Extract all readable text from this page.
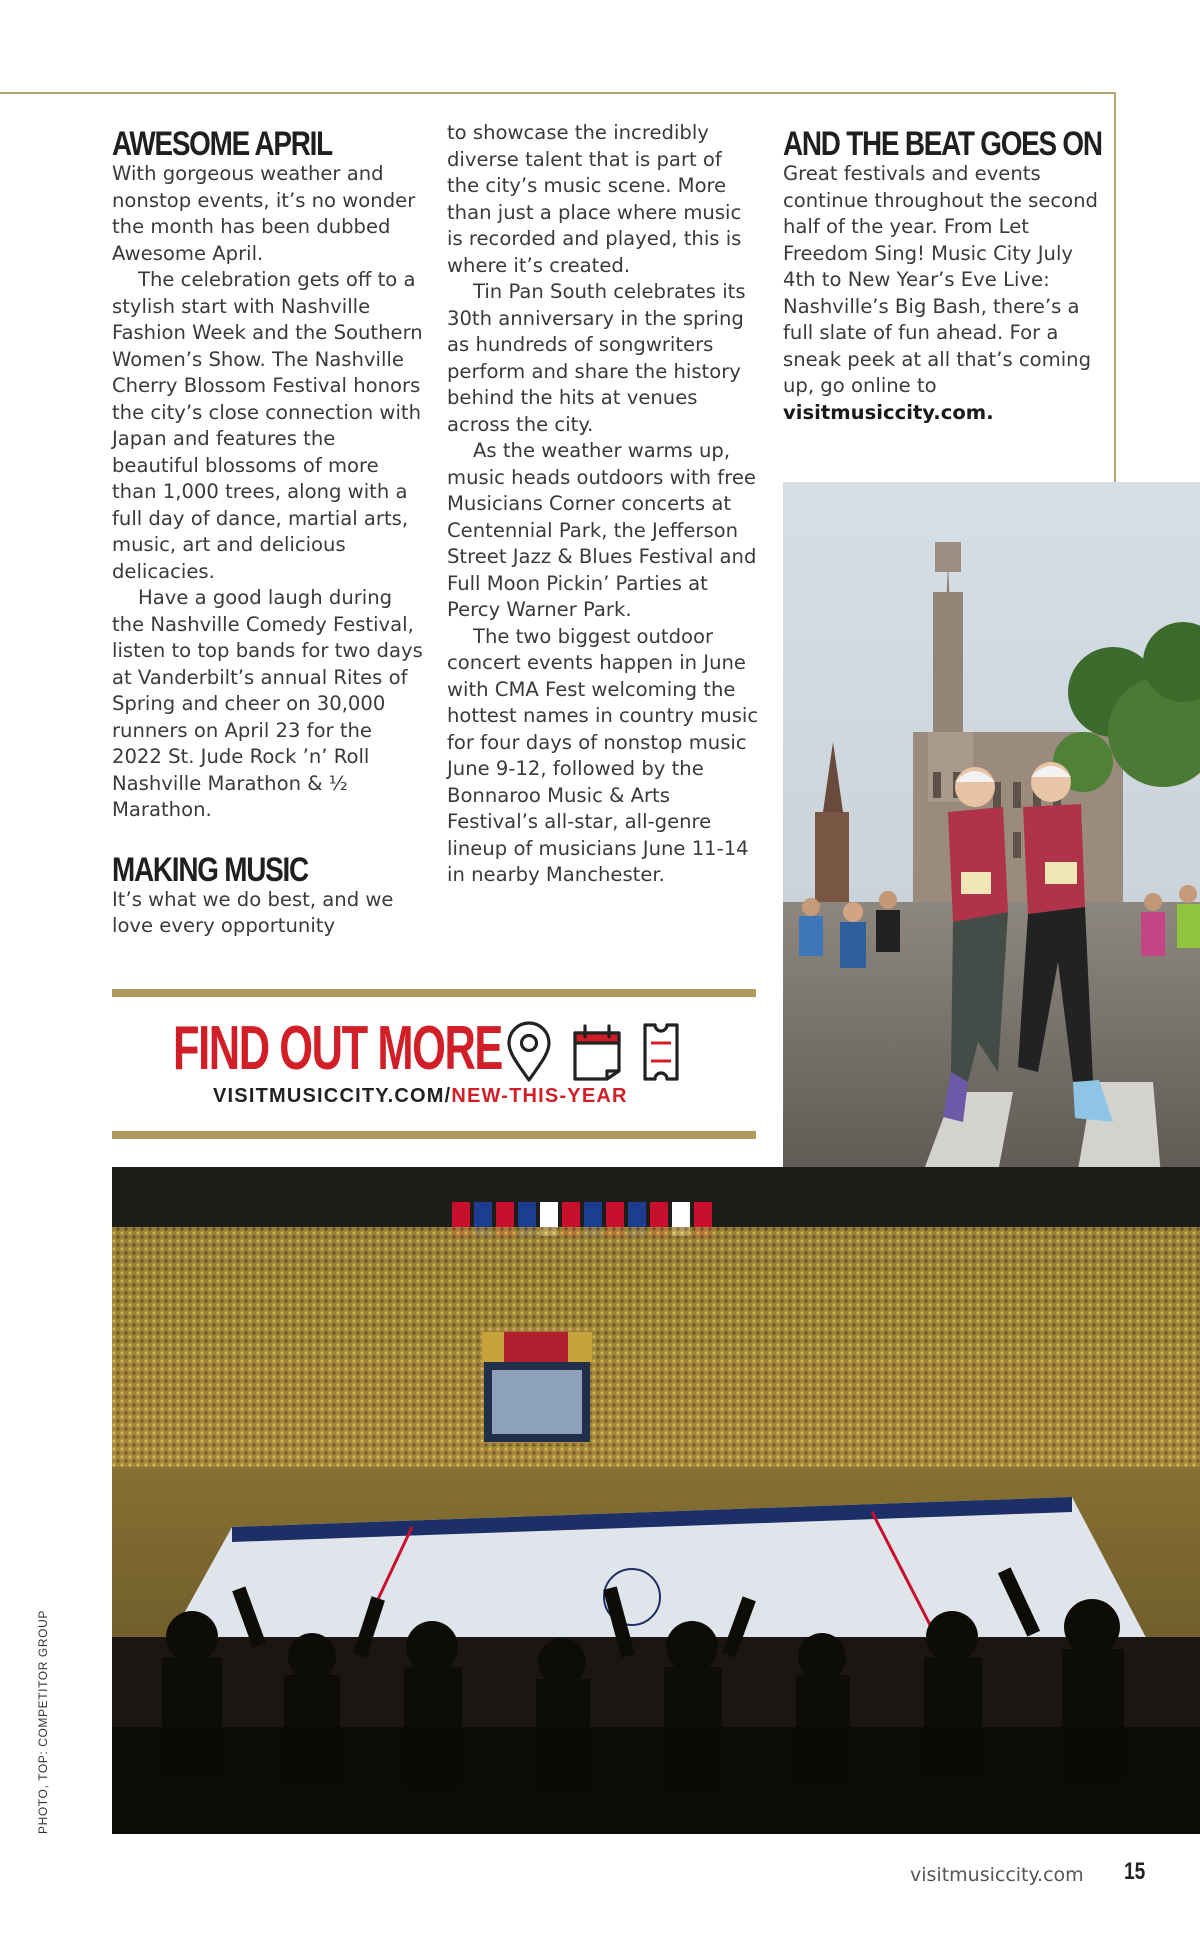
AWESOME APRIL

With gorgeous weather and nonstop events, it’s no wonder the month has been dubbed Awesome April.

The celebration gets off to a stylish start with Nashville Fashion Week and the Southern Women’s Show. The Nashville Cherry Blossom Festival honors the city’s close connection with Japan and features the beautiful blossoms of more than 1,000 trees, along with a full day of dance, martial arts, music, art and delicious delicacies.

Have a good laugh during the Nashville Comedy Festival, listen to top bands for two days at Vanderbilt’s annual Rites of Spring and cheer on 30,000 runners on April 23 for the 2022 St. Jude Rock ’n’ Roll Nashville Marathon & ½ Marathon.

MAKING MUSIC

It’s what we do best, and we love every opportunity

to showcase the incredibly diverse talent that is part of the city’s music scene. More than just a place where music is recorded and played, this is where it’s created.

Tin Pan South celebrates its 30th anniversary in the spring as hundreds of songwriters perform and share the history behind the hits at venues across the city.

As the weather warms up, music heads outdoors with free Musicians Corner concerts at Centennial Park, the Jefferson Street Jazz & Blues Festival and Full Moon Pickin’ Parties at Percy Warner Park.

The two biggest outdoor concert events happen in June with CMA Fest welcoming the hottest names in country music for four days of nonstop music June 9-12, followed by the Bonnaroo Music & Arts Festival’s all-star, all-genre lineup of musicians June 11-14 in nearby Manchester.

AND THE BEAT GOES ON

Great festivals and events continue throughout the second half of the year. From Let Freedom Sing! Music City July 4th to New Year’s Eve Live: Nashville’s Big Bash, there’s a full slate of fun ahead. For a sneak peek at all that’s coming up, go online to visitmusiccity.com.

FIND OUT MORE
VISITMUSICCITY.COM/NEW-THIS-YEAR
PHOTO, TOP: COMPETITOR GROUP
visitmusiccity.com 15
